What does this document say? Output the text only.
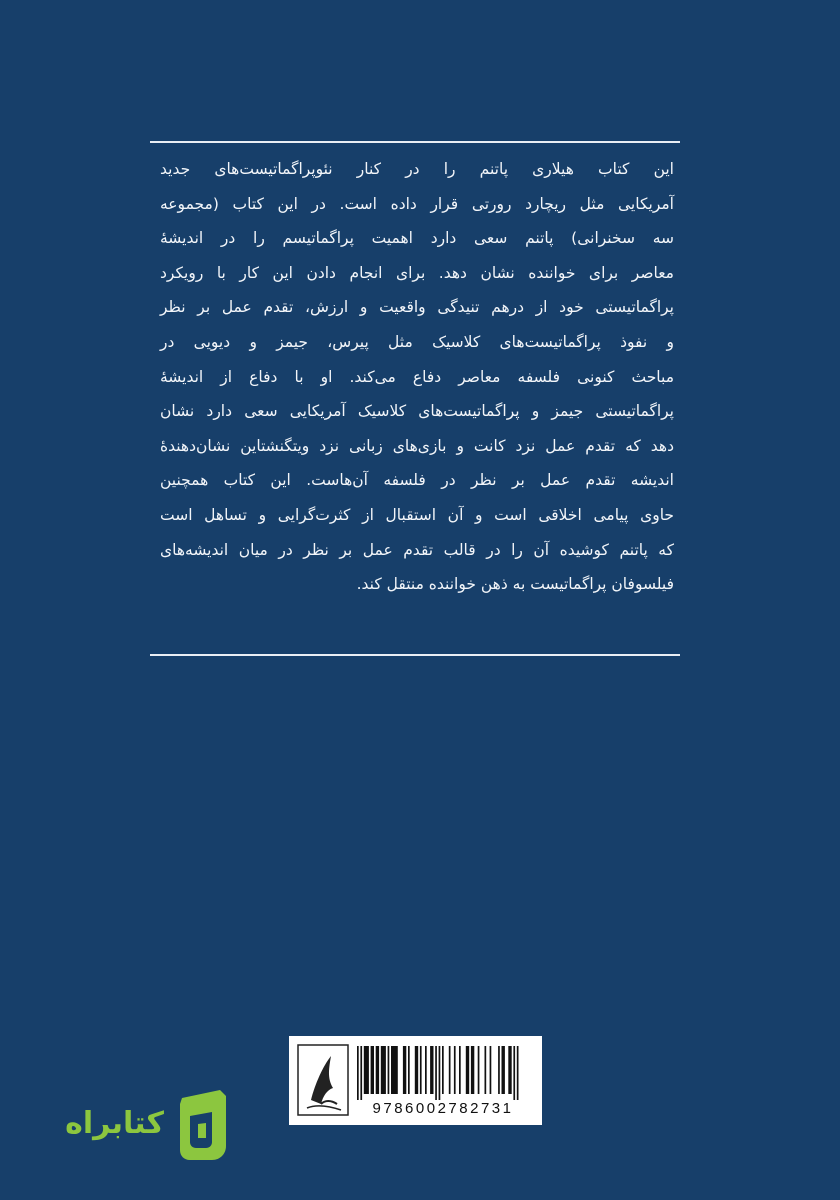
این کتاب هیلاری پاتنم را در کنار نئوپراگماتیست‌های جدید
آمریکایی مثل ریچارد رورتی قرار داده است. در این کتاب (مجموعه
سه سخنرانی) پاتنم سعی دارد اهمیت پراگماتیسم را در اندیشهٔ
معاصر برای خواننده نشان دهد. برای انجام دادن این کار با رویکرد
پراگماتیستی خود از درهم تنیدگی واقعیت و ارزش، تقدم عمل بر نظر
و نفوذ پراگماتیست‌های کلاسیک مثل پیرس، جیمز و دیویی در
مباحث کنونی فلسفه معاصر دفاع می‌کند. او با دفاع از اندیشهٔ
پراگماتیستی جیمز و پراگماتیست‌های کلاسیک آمریکایی سعی دارد نشان
دهد که تقدم عمل نزد کانت و بازی‌های زبانی نزد ویتگنشتاین نشان‌دهندهٔ
اندیشه تقدم عمل بر نظر در فلسفه آن‌هاست. این کتاب همچنین
حاوی پیامی اخلاقی است و آن استقبال از کثرت‌گرایی و تساهل است
که پاتنم کوشیده آن را در قالب تقدم عمل بر نظر در میان اندیشه‌های
فیلسوفان پراگماتیست به ذهن خواننده منتقل کند.
9786002782731
کتابراه
